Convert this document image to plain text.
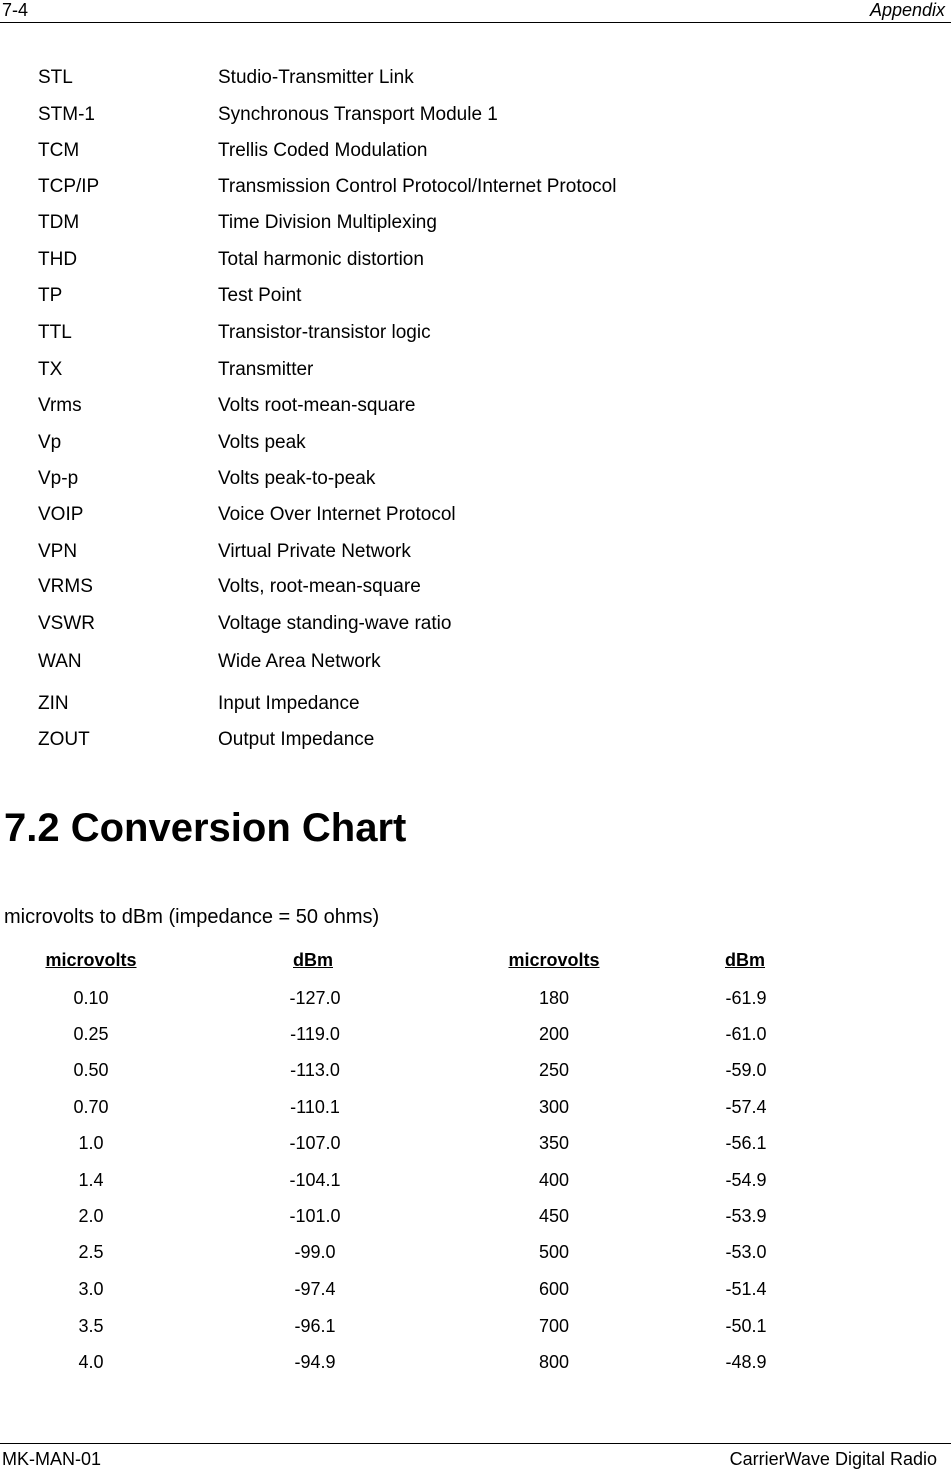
7-4	Appendix
STL	Studio-Transmitter Link
STM-1	Synchronous Transport Module 1
TCM	Trellis Coded Modulation
TCP/IP	Transmission Control Protocol/Internet Protocol
TDM	Time Division Multiplexing
THD	Total harmonic distortion
TP	Test Point
TTL	Transistor-transistor logic
TX	Transmitter
Vrms	Volts root-mean-square
Vp	Volts peak
Vp-p	Volts peak-to-peak
VOIP	Voice Over Internet Protocol
VPN	Virtual Private Network
VRMS	Volts, root-mean-square
VSWR	Voltage standing-wave ratio
WAN	Wide Area Network
ZIN	Input Impedance
ZOUT	Output Impedance
7.2 Conversion Chart
microvolts to dBm (impedance = 50 ohms)
microvolts	dBm	microvolts	dBm
0.10	-127.0	180	-61.9
0.25	-119.0	200	-61.0
0.50	-113.0	250	-59.0
0.70	-110.1	300	-57.4
1.0	-107.0	350	-56.1
1.4	-104.1	400	-54.9
2.0	-101.0	450	-53.9
2.5	-99.0	500	-53.0
3.0	-97.4	600	-51.4
3.5	-96.1	700	-50.1
4.0	-94.9	800	-48.9
MK-MAN-01	CarrierWave Digital Radio
